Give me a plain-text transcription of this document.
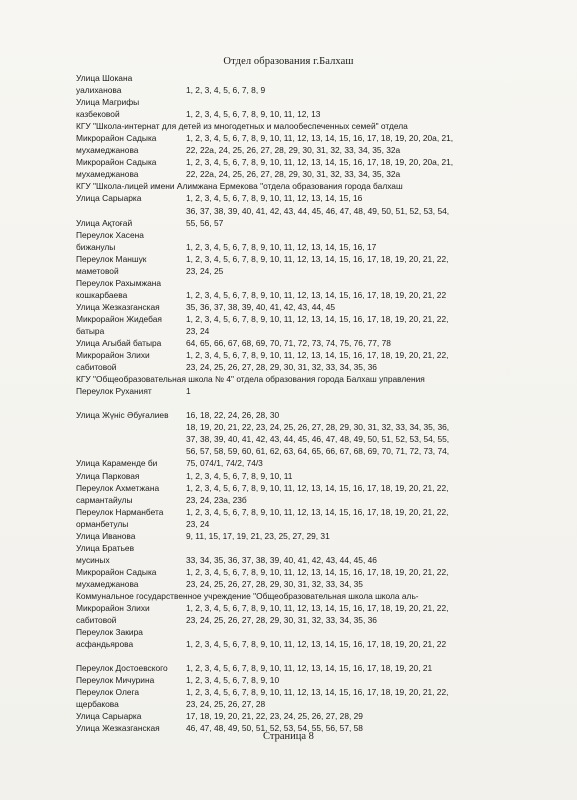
Отдел образования г.Балхаш
Улица Шокана
уалиханова	1, 2, 3, 4, 5, 6, 7, 8, 9
Улица Магрифы
казбековой	1, 2, 3, 4, 5, 6, 7, 8, 9, 10, 11, 12, 13
КГУ "Школа-интернат для детей из многодетных и малообеспеченных семей" отдела
Микрорайон Садыка	1, 2, 3, 4, 5, 6, 7, 8, 9, 10, 11, 12, 13, 14, 15, 16, 17, 18, 19, 20, 20а, 21,
мухамеджанова	22, 22а, 24, 25, 26, 27, 28, 29, 30, 31, 32, 33, 34, 35, 32а
Микрорайон Садыка	1, 2, 3, 4, 5, 6, 7, 8, 9, 10, 11, 12, 13, 14, 15, 16, 17, 18, 19, 20, 20а, 21,
мухамеджанова	22, 22а, 24, 25, 26, 27, 28, 29, 30, 31, 32, 33, 34, 35, 32а
КГУ "Школа-лицей имени Алимжана Ермекова "отдела образования города балхаш
Улица Сарыарка	1, 2, 3, 4, 5, 6, 7, 8, 9, 10, 11, 12, 13, 14, 15, 16
36, 37, 38, 39, 40, 41, 42, 43, 44, 45, 46, 47, 48, 49, 50, 51, 52, 53, 54,
Улица Ақтоғай	55, 56, 57
Переулок Хасена
бижанулы	1, 2, 3, 4, 5, 6, 7, 8, 9, 10, 11, 12, 13, 14, 15, 16, 17
Переулок Маншук	1, 2, 3, 4, 5, 6, 7, 8, 9, 10, 11, 12, 13, 14, 15, 16, 17, 18, 19, 20, 21, 22,
маметовой	23, 24, 25
Переулок Рахымжана
кошкарбаева	1, 2, 3, 4, 5, 6, 7, 8, 9, 10, 11, 12, 13, 14, 15, 16, 17, 18, 19, 20, 21, 22
Улица Жезказганская	35, 36, 37, 38, 39, 40, 41, 42, 43, 44, 45
Микрорайон Жидебая	1, 2, 3, 4, 5, 6, 7, 8, 9, 10, 11, 12, 13, 14, 15, 16, 17, 18, 19, 20, 21, 22,
батыра	23, 24
Улица Агыбай батыра	64, 65, 66, 67, 68, 69, 70, 71, 72, 73, 74, 75, 76, 77, 78
Микрорайон Злихи	1, 2, 3, 4, 5, 6, 7, 8, 9, 10, 11, 12, 13, 14, 15, 16, 17, 18, 19, 20, 21, 22,
сабитовой	23, 24, 25, 26, 27, 28, 29, 30, 31, 32, 33, 34, 35, 36
КГУ "Общеобразовательная школа № 4" отдела образования города Балхаш управления
Переулок Руханият	1
Улица Жүніс Әбуғалиев	16, 18, 22, 24, 26, 28, 30
18, 19, 20, 21, 22, 23, 24, 25, 26, 27, 28, 29, 30, 31, 32, 33, 34, 35, 36,
37, 38, 39, 40, 41, 42, 43, 44, 45, 46, 47, 48, 49, 50, 51, 52, 53, 54, 55,
56, 57, 58, 59, 60, 61, 62, 63, 64, 65, 66, 67, 68, 69, 70, 71, 72, 73, 74,
Улица Караменде би	75, 074/1, 74/2, 74/3
Улица Парковая	1, 2, 3, 4, 5, 6, 7, 8, 9, 10, 11
Переулок Ахметжана	1, 2, 3, 4, 5, 6, 7, 8, 9, 10, 11, 12, 13, 14, 15, 16, 17, 18, 19, 20, 21, 22,
сармантайулы	23, 24, 23а, 23б
Переулок Нарманбета	1, 2, 3, 4, 5, 6, 7, 8, 9, 10, 11, 12, 13, 14, 15, 16, 17, 18, 19, 20, 21, 22,
орманбетулы	23, 24
Улица Иванова	9, 11, 15, 17, 19, 21, 23, 25, 27, 29, 31
Улица Братьев
мусиных	33, 34, 35, 36, 37, 38, 39, 40, 41, 42, 43, 44, 45, 46
Микрорайон Садыка	1, 2, 3, 4, 5, 6, 7, 8, 9, 10, 11, 12, 13, 14, 15, 16, 17, 18, 19, 20, 21, 22,
мухамеджанова	23, 24, 25, 26, 27, 28, 29, 30, 31, 32, 33, 34, 35
Коммунальное государственное учреждение "Общеобразовательная школа школа аль-
Микрорайон Злихи	1, 2, 3, 4, 5, 6, 7, 8, 9, 10, 11, 12, 13, 14, 15, 16, 17, 18, 19, 20, 21, 22,
сабитовой	23, 24, 25, 26, 27, 28, 29, 30, 31, 32, 33, 34, 35, 36
Переулок Закира
асфандьярова	1, 2, 3, 4, 5, 6, 7, 8, 9, 10, 11, 12, 13, 14, 15, 16, 17, 18, 19, 20, 21, 22
Переулок Достоевского	1, 2, 3, 4, 5, 6, 7, 8, 9, 10, 11, 12, 13, 14, 15, 16, 17, 18, 19, 20, 21
Переулок Мичурина	1, 2, 3, 4, 5, 6, 7, 8, 9, 10
Переулок Олега	1, 2, 3, 4, 5, 6, 7, 8, 9, 10, 11, 12, 13, 14, 15, 16, 17, 18, 19, 20, 21, 22,
щербакова	23, 24, 25, 26, 27, 28
Улица Сарыарка	17, 18, 19, 20, 21, 22, 23, 24, 25, 26, 27, 28, 29
Улица Жезказганская	46, 47, 48, 49, 50, 51, 52, 53, 54, 55, 56, 57, 58
Страница 8
